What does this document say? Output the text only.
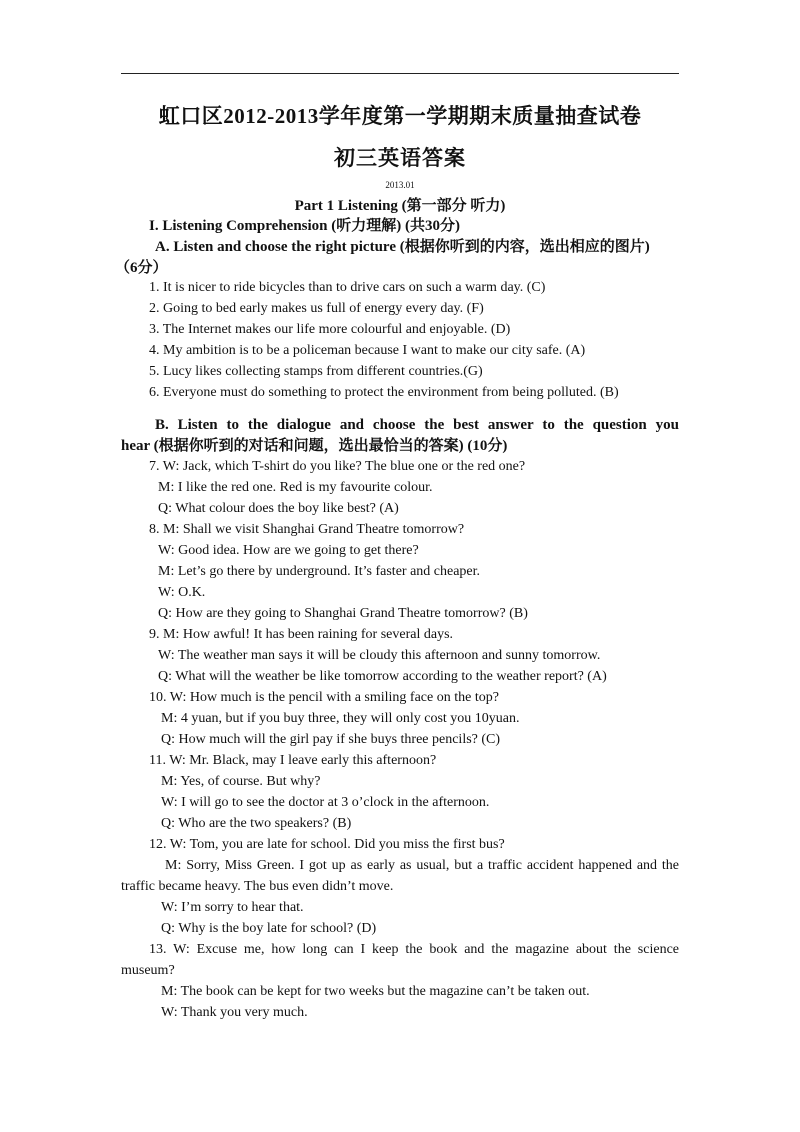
虹口区2012-2013学年度第一学期期末质量抽查试卷
初三英语答案
2013.01
Part 1 Listening (第一部分 听力)
I. Listening Comprehension (听力理解) (共30分)
A. Listen and choose the right picture (根据你听到的内容，选出相应的图片)
（6分）
1. It is nicer to ride bicycles than to drive cars on such a warm day. (C)
2. Going to bed early makes us full of energy every day. (F)
3. The Internet makes our life more colourful and enjoyable. (D)
4. My ambition is to be a policeman because I want to make our city safe. (A)
5. Lucy likes collecting stamps from different countries.(G)
6. Everyone must do something to protect the environment from being polluted. (B)
B. Listen to the dialogue and choose the best answer to the question you
hear (根据你听到的对话和问题，选出最恰当的答案) (10分)
7. W: Jack, which T-shirt do you like? The blue one or the red one?
M: I like the red one. Red is my favourite colour.
Q: What colour does the boy like best? (A)
8. M: Shall we visit Shanghai Grand Theatre tomorrow?
W: Good idea. How are we going to get there?
M: Let’s go there by underground. It’s faster and cheaper.
W: O.K.
Q: How are they going to Shanghai Grand Theatre tomorrow? (B)
9. M: How awful! It has been raining for several days.
W: The weather man says it will be cloudy this afternoon and sunny tomorrow.
Q: What will the weather be like tomorrow according to the weather report? (A)
10. W: How much is the pencil with a smiling face on the top?
M: 4 yuan, but if you buy three, they will only cost you 10yuan.
Q: How much will the girl pay if she buys three pencils? (C)
11. W: Mr. Black, may I leave early this afternoon?
M: Yes, of course. But why?
W: I will go to see the doctor at 3 o’clock in the afternoon.
Q: Who are the two speakers? (B)
12. W: Tom, you are late for school. Did you miss the first bus?
M: Sorry, Miss Green. I got up as early as usual, but a traffic accident happened and the
traffic became heavy. The bus even didn’t move.
W: I’m sorry to hear that.
Q: Why is the boy late for school? (D)
13. W: Excuse me, how long can I keep the book and the magazine about the science
museum?
M: The book can be kept for two weeks but the magazine can’t be taken out.
W: Thank you very much.
